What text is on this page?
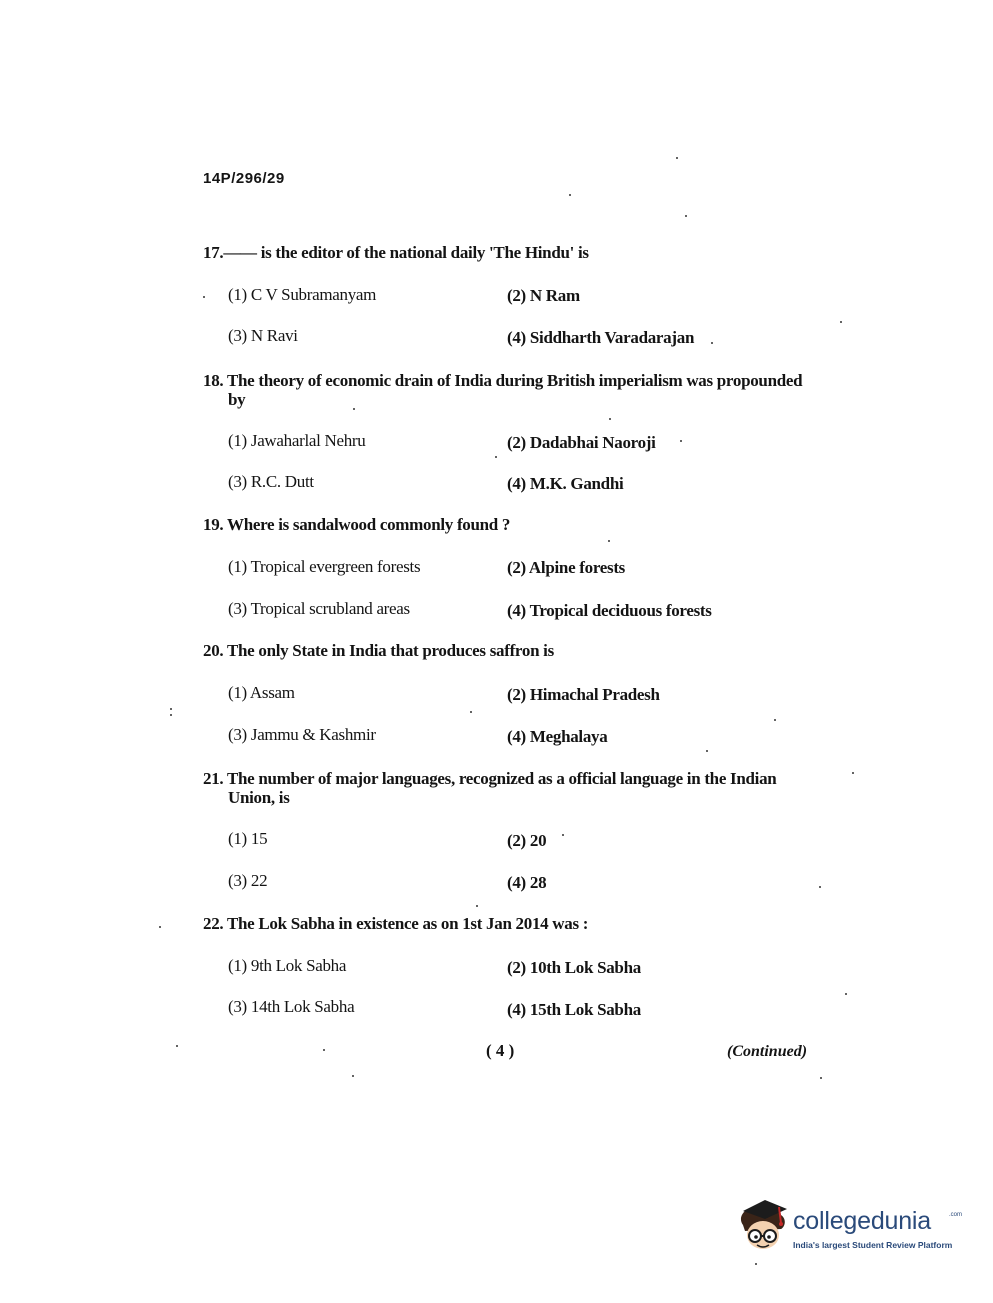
14P/296/29
17.—— is the editor of the national daily 'The Hindu' is
(1) C V Subramanyam	(2) N Ram
(3) N Ravi	(4) Siddharth Varadarajan
18. The theory of economic drain of India during British imperialism was propounded
by
(1) Jawaharlal Nehru	(2) Dadabhai Naoroji
(3) R.C. Dutt	(4) M.K. Gandhi
19. Where is sandalwood commonly found ?
(1) Tropical evergreen forests	(2) Alpine forests
(3) Tropical scrubland areas	(4) Tropical deciduous forests
20. The only State in India that produces saffron is
(1) Assam	(2) Himachal Pradesh
(3) Jammu & Kashmir	(4) Meghalaya
21. The number of major languages, recognized as a official language in the Indian
Union, is
(1) 15	(2) 20
(3) 22	(4) 28
22. The Lok Sabha in existence as on 1st Jan 2014 was :
(1) 9th Lok Sabha	(2) 10th Lok Sabha
(3) 14th Lok Sabha	(4) 15th Lok Sabha
( 4 )	(Continued)
collegedunia	.com
India's largest Student Review Platform
